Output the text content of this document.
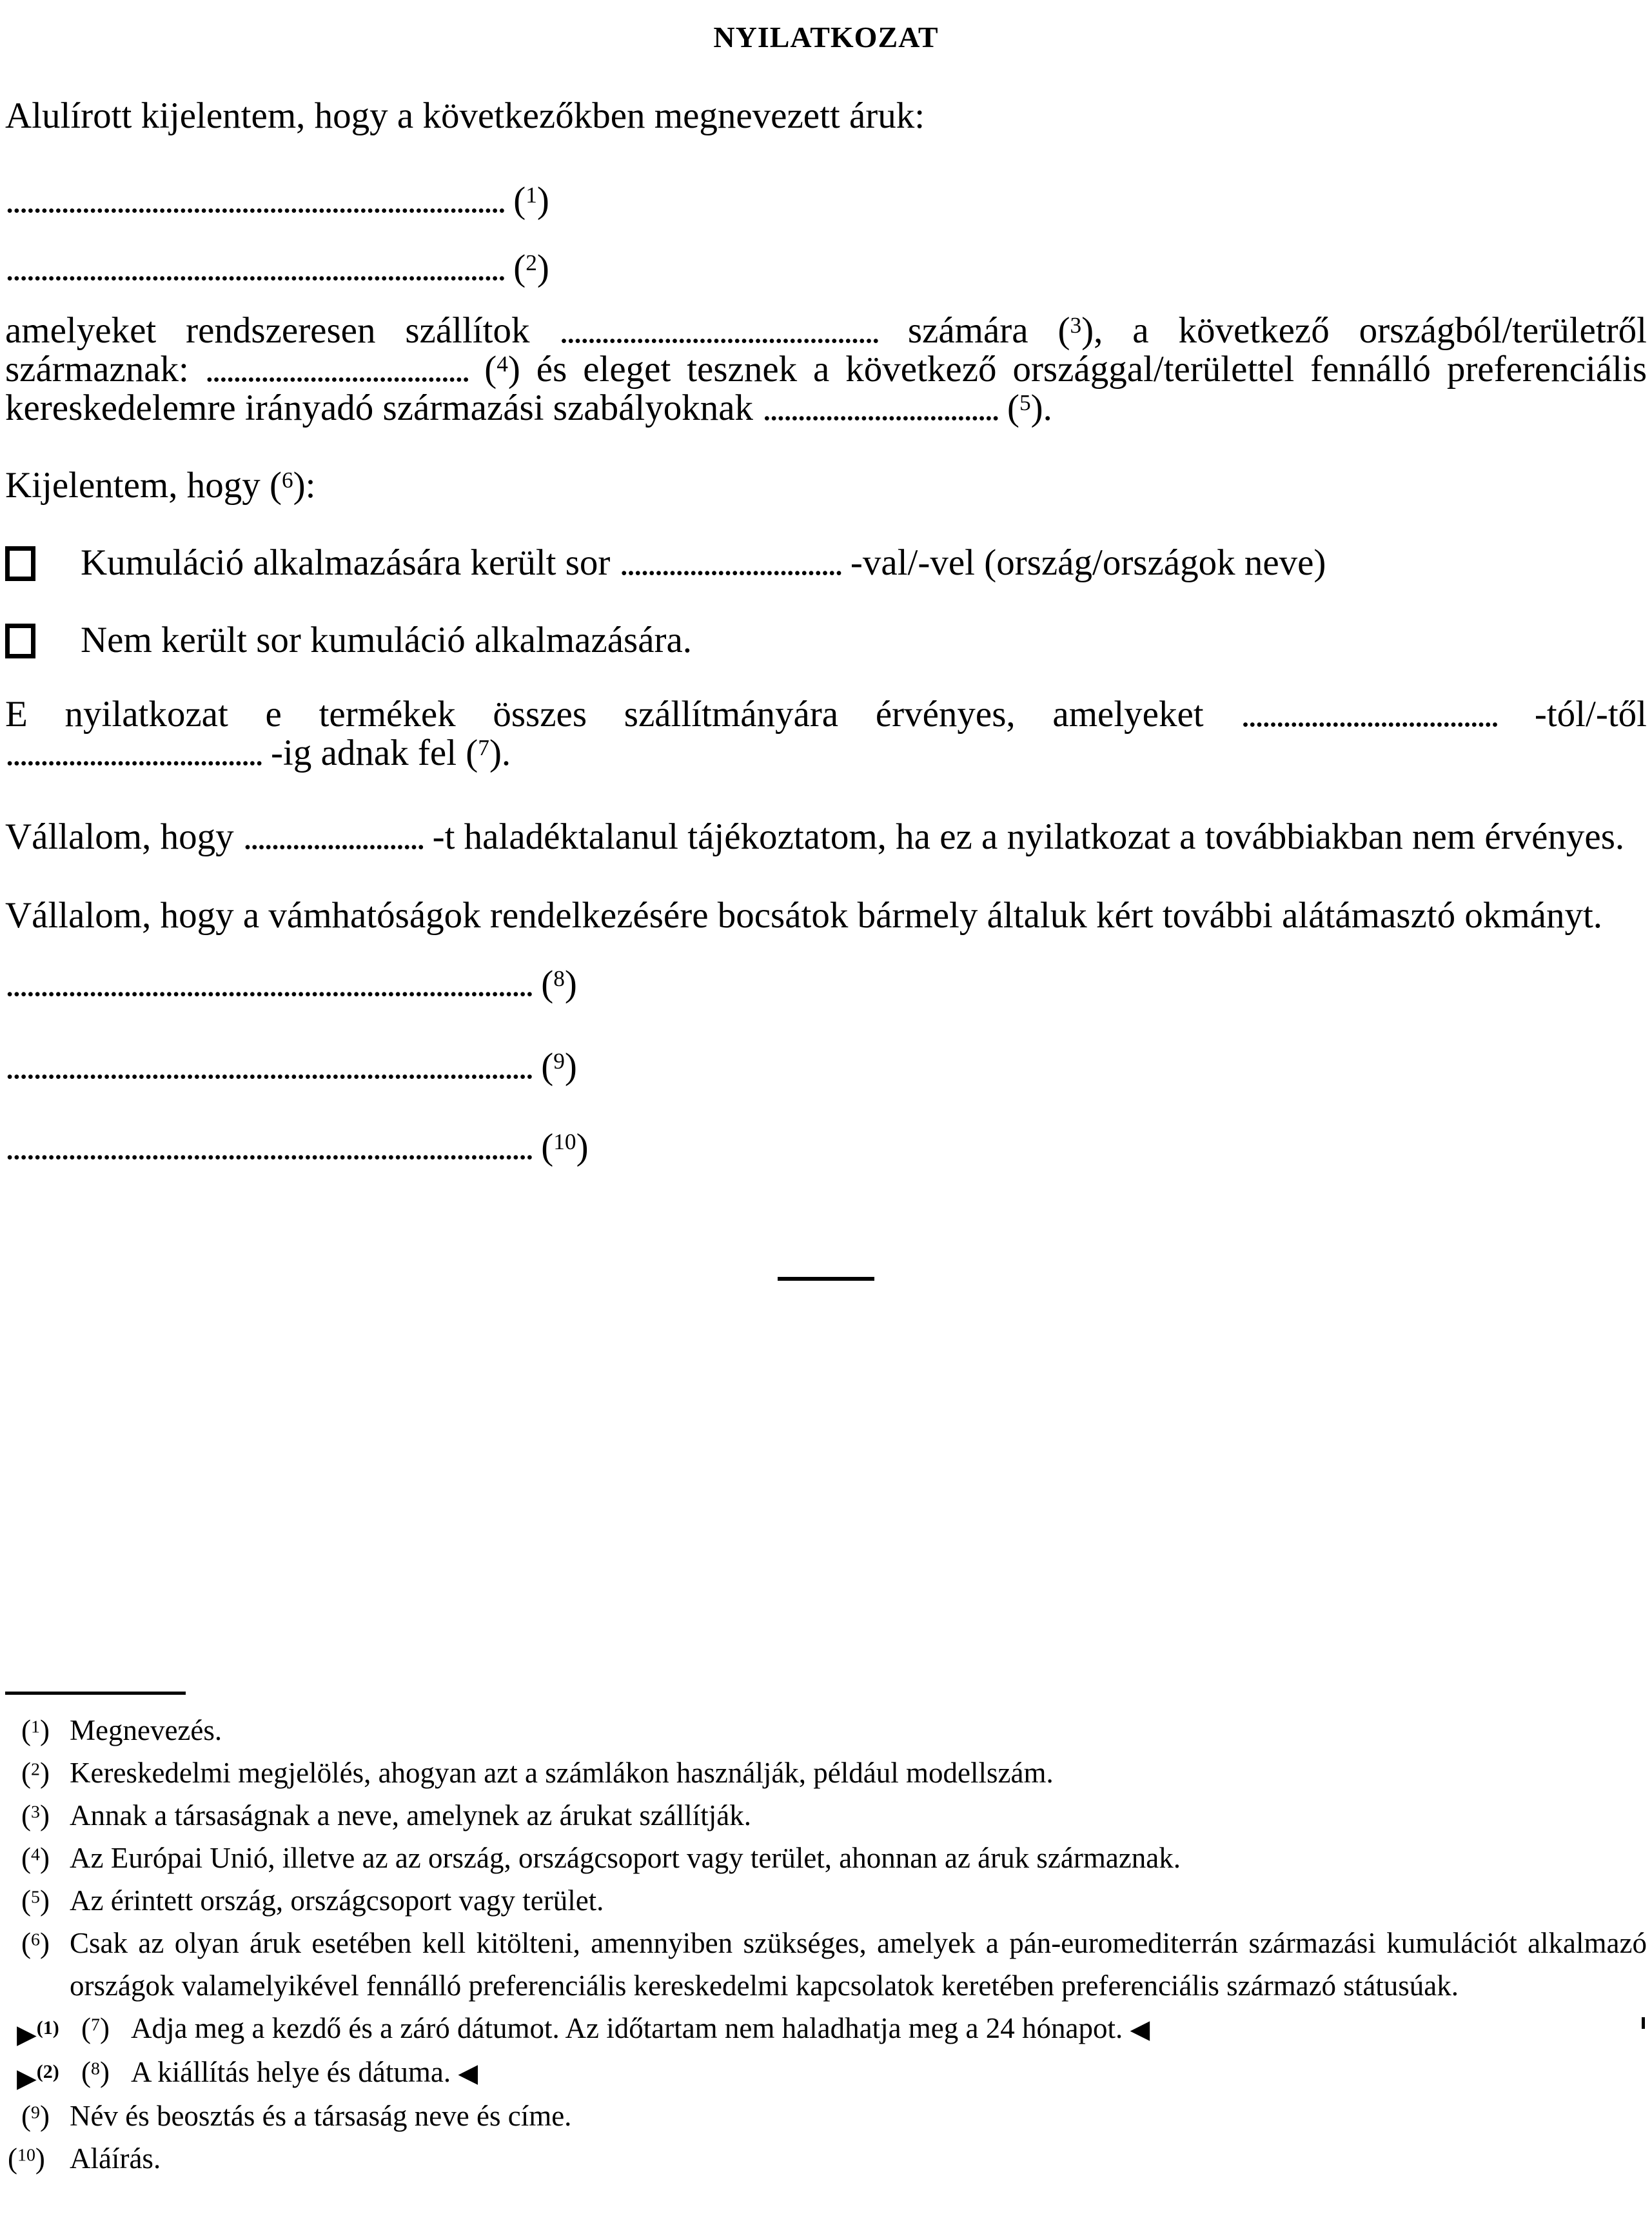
NYILATKOZAT
Alulírott kijelentem, hogy a következőkben megnevezett áruk:
........................................................................ ($^1$)
........................................................................ ($^2$)
amelyeket rendszeresen szállítok .............................................. számára ($^3$), a következő országból/területről származnak: ...................................... ($^4$) és eleget tesznek a következő országgal/területtel fennálló preferenciális kereskedelemre irányadó származási szabályoknak .................................. ($^5$).
Kijelentem, hogy ($^6$):
Kumuláció alkalmazására került sor ................................ -val/-vel (ország/országok neve)
Nem került sor kumuláció alkalmazására.
E nyilatkozat e termékek összes szállítmányára érvényes, amelyeket ..................................... -tól/-től ..................................... -ig adnak fel ($^7$).
Vállalom, hogy .......................... -t haladéktalanul tájékoztatom, ha ez a nyilatkozat a továbbiakban nem érvényes.
Vállalom, hogy a vámhatóságok rendelkezésére bocsátok bármely általuk kért további alátámasztó okmányt.
............................................................................ ($^8$)
............................................................................ ($^9$)
............................................................................ ($^{10}$)
($^1$) Megnevezés.
($^2$) Kereskedelmi megjelölés, ahogyan azt a számlákon használják, például modellszám.
($^3$) Annak a társaságnak a neve, amelynek az árukat szállítják.
($^4$) Az Európai Unió, illetve az az ország, országcsoport vagy terület, ahonnan az áruk származnak.
($^5$) Az érintett ország, országcsoport vagy terület.
($^6$) Csak az olyan áruk esetében kell kitölteni, amennyiben szükséges, amelyek a pán-euromediterrán származási kumulációt alkalmazó országok valamelyikével fennálló preferenciális kereskedelmi kapcsolatok keretében preferenciális származó státusúak.
▶$^{(1)}$ ($^7$) Adja meg a kezdő és a záró dátumot. Az időtartam nem haladhatja meg a 24 hónapot. ◀
▶$^{(2)}$ ($^8$) A kiállítás helye és dátuma. ◀
($^9$) Név és beosztás és a társaság neve és címe.
($^{10}$) Aláírás.
